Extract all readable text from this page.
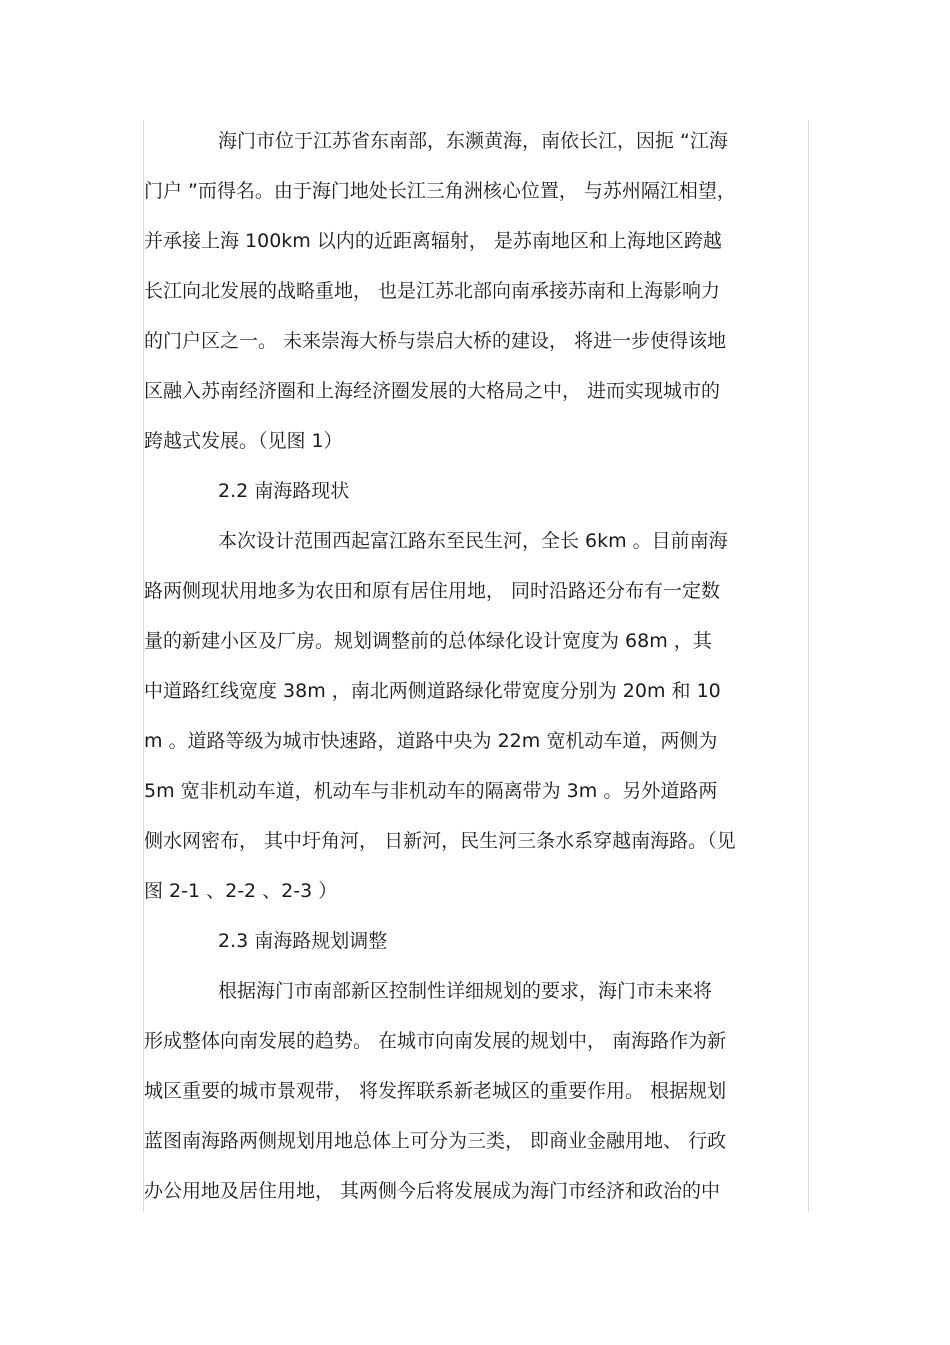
海门市位于江苏省东南部，东濒黄海，南依长江，因扼 “江海
门户 ”而得名。由于海门地处长江三角洲核心位置， 与苏州隔江相望，
并承接上海 100km 以内的近距离辐射， 是苏南地区和上海地区跨越
长江向北发展的战略重地， 也是江苏北部向南承接苏南和上海影响力
的门户区之一。 未来崇海大桥与崇启大桥的建设， 将进一步使得该地
区融入苏南经济圈和上海经济圈发展的大格局之中， 进而实现城市的
跨越式发展。（见图 1）
2.2 南海路现状
本次设计范围西起富江路东至民生河，全长 6km 。目前南海
路两侧现状用地多为农田和原有居住用地， 同时沿路还分布有一定数
量的新建小区及厂房。规划调整前的总体绿化设计宽度为 68m ，其
中道路红线宽度 38m ，南北两侧道路绿化带宽度分别为 20m 和 10
m 。道路等级为城市快速路，道路中央为 22m 宽机动车道，两侧为
5m 宽非机动车道，机动车与非机动车的隔离带为 3m 。另外道路两
侧水网密布， 其中圩角河， 日新河，民生河三条水系穿越南海路。（见
图 2-1 、2-2 、2-3 ）
2.3 南海路规划调整
根据海门市南部新区控制性详细规划的要求，海门市未来将
形成整体向南发展的趋势。 在城市向南发展的规划中， 南海路作为新
城区重要的城市景观带， 将发挥联系新老城区的重要作用。 根据规划
蓝图南海路两侧规划用地总体上可分为三类， 即商业金融用地、 行政
办公用地及居住用地， 其两侧今后将发展成为海门市经济和政治的中
